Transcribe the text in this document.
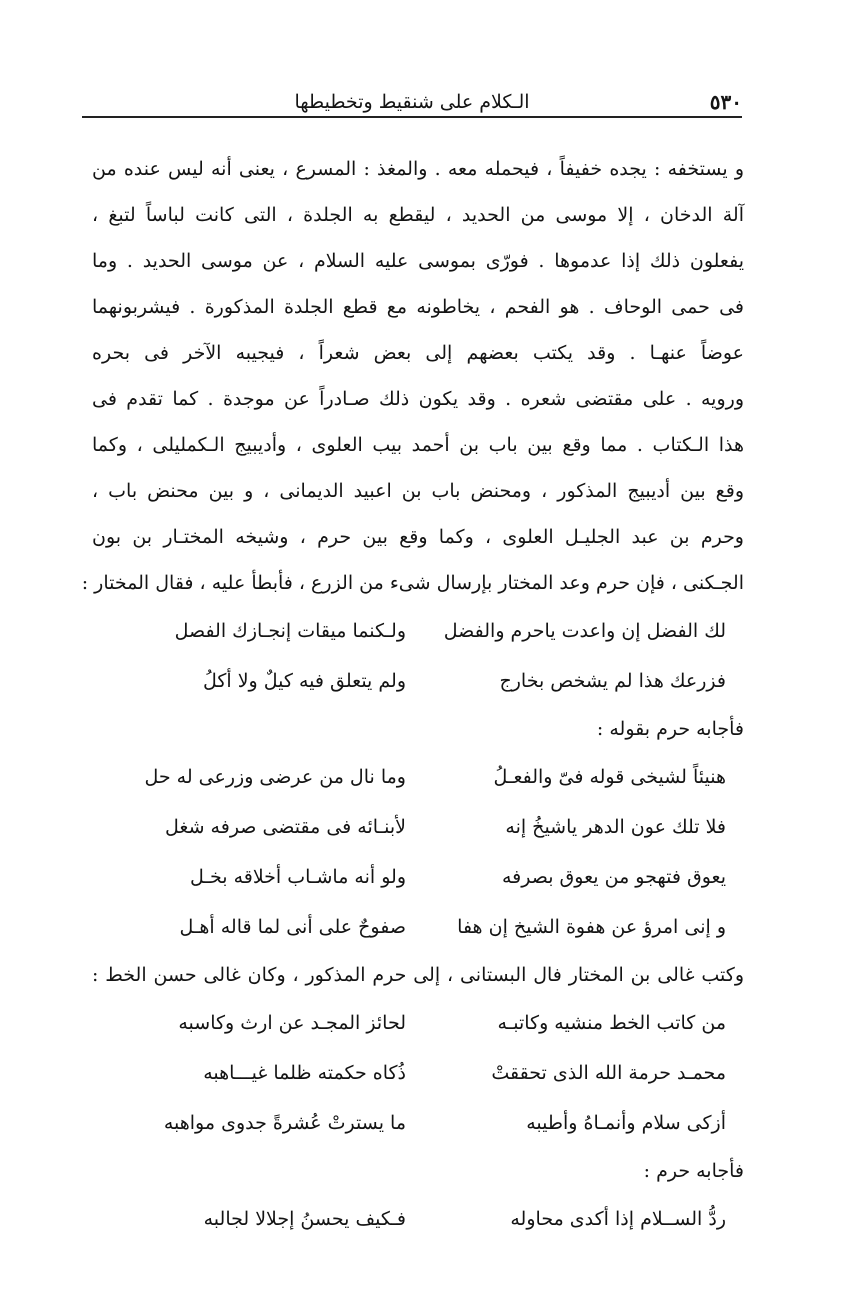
٥٣٠
الـكلام على شنقيط وتخطيطها

و يستخفه : يجده خفيفاً ، فيحمله معه . والمغذ : المسرع ، يعنى أنه ليس عنده من

آلة الدخان ، إلا موسى من الحديد ، ليقطع به الجلدة ، التى كانت لباساً لتبغ ،

يفعلون ذلك إذا عدموها . فورّى بموسى عليه السلام ، عن موسى الحديد . وما

فى حمى الوحاف . هو الفحم ، يخاطونه مع قطع الجلدة المذكورة . فيشربونهما

عوضاً عنهـا . وقد يكتب بعضهم إلى بعض شعراً ، فيجيبه الآخر فى بحره

ورويه . على مقتضى شعره . وقد يكون ذلك صـادراً عن موجدة . كما تقدم فى

هذا الـكتاب . مما وقع بين باب بن أحمد بيب العلوى ، وأديبيج الـكمليلى ، وكما

وقع بين أديبيج المذكور ، ومحنض باب بن اعبيد الديمانى ، و بين محنض باب ،

وحرم بن عبد الجليـل العلوى ، وكما وقع بين حرم ، وشيخه المختـار بن بون

الجـكنى ، فإن حرم وعد المختار بإرسال شىء من الزرع ، فأبطأ عليه ، فقال المختار :

لك الفضل إن واعدت ياحرم والفضل
ولـكنما ميقات إنجـازك الفصل
فزرعك هذا لم يشخص بخارج
ولم يتعلق فيه كيلٌ ولا أكلُ

فأجابه حرم بقوله :

هنيئاً لشيخى قوله فىّ والفعـلُ
وما نال من عرضى وزرعى له حل
فلا تلك عون الدهر ياشيخُ إنه
لأبنـائه فى مقتضى صرفه شغل
يعوق فتهجو من يعوق بصرفه
ولو أنه ماشـاب أخلاقه بخـل
و إنى امرؤ عن هفوة الشيخ إن هفا
صفوحٌ على أنى لما قاله أهـل

وكتب غالى بن المختار فال البستانى ، إلى حرم المذكور ، وكان غالى حسن الخط :

من كاتب الخط منشيه وكاتبـه
لحائز المجـد عن ارث وكاسبه
محمـد حرمة الله الذى تحققتْ
ذُكاه حكمته ظلما غيـــاهبه
أزكى سلام وأنمـاهُ وأطيبه
ما يسترتْ عُشرةً جدوى مواهبه

فأجابه حرم :

ردُّ الســلام إذا أكدى محاوله
فـكيف يحسنُ إجلالا لجالبه
